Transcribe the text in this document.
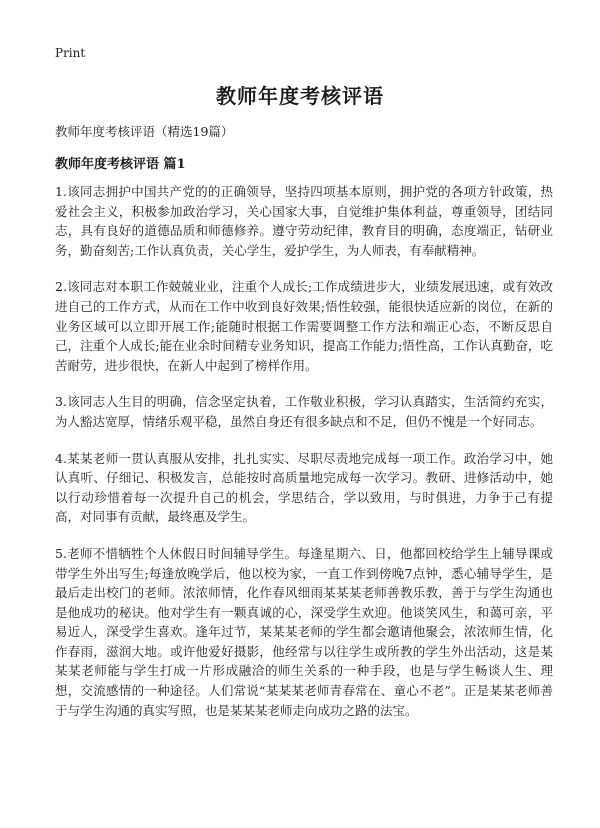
Print
教师年度考核评语

教师年度考核评语（精选19篇）

教师年度考核评语 篇1

1.该同志拥护中国共产党的的正确领导，坚持四项基本原则，拥护党的各项方针政策，热爱社会主义，积极参加政治学习，关心国家大事，自觉维护集体利益，尊重领导，团结同志，具有良好的道德品质和师德修养。遵守劳动纪律，教育目的明确，态度端正，钻研业务，勤奋刻苦;工作认真负责，关心学生，爱护学生，为人师表，有奉献精神。

2.该同志对本职工作兢兢业业，注重个人成长;工作成绩进步大，业绩发展迅速，或有效改进自己的工作方式，从而在工作中收到良好效果;悟性较强，能很快适应新的岗位，在新的业务区域可以立即开展工作;能随时根据工作需要调整工作方法和端正心态，不断反思自己，注重个人成长;能在业余时间精专业务知识，提高工作能力;悟性高，工作认真勤奋，吃苦耐劳，进步很快，在新人中起到了榜样作用。

3.该同志人生目的明确，信念坚定执着，工作敬业积极，学习认真踏实，生活简约充实，为人豁达宽厚，情绪乐观平稳，虽然自身还有很多缺点和不足，但仍不愧是一个好同志。

4.某某老师一贯认真服从安排，扎扎实实、尽职尽责地完成每一项工作。政治学习中，她认真听、仔细记、积极发言，总能按时高质量地完成每一次学习。教研、进修活动中，她以行动珍惜着每一次提升自己的机会，学思结合，学以致用，与时俱进，力争于己有提高，对同事有贡献，最终惠及学生。

5.老师不惜牺牲个人休假日时间辅导学生。每逢星期六、日，他都回校给学生上辅导课或带学生外出写生;每逢放晚学后，他以校为家，一直工作到傍晚7点钟，悉心辅导学生，是最后走出校门的老师。浓浓师情，化作春风细雨某某某老师善教乐教，善于与学生沟通也是他成功的秘诀。他对学生有一颗真诚的心，深受学生欢迎。他谈笑风生，和蔼可亲，平易近人，深受学生喜欢。逢年过节，某某某老师的学生都会邀请他聚会，浓浓师生情，化作春雨，滋润大地。或许他爱好摄影，他经常与以往学生或所教的学生外出活动，这是某某某老师能与学生打成一片形成融洽的师生关系的一种手段，也是与学生畅谈人生、理想，交流感情的一种途径。人们常说“某某某老师青春常在、童心不老”。正是某某老师善于与学生沟通的真实写照，也是某某某老师走向成功之路的法宝。
